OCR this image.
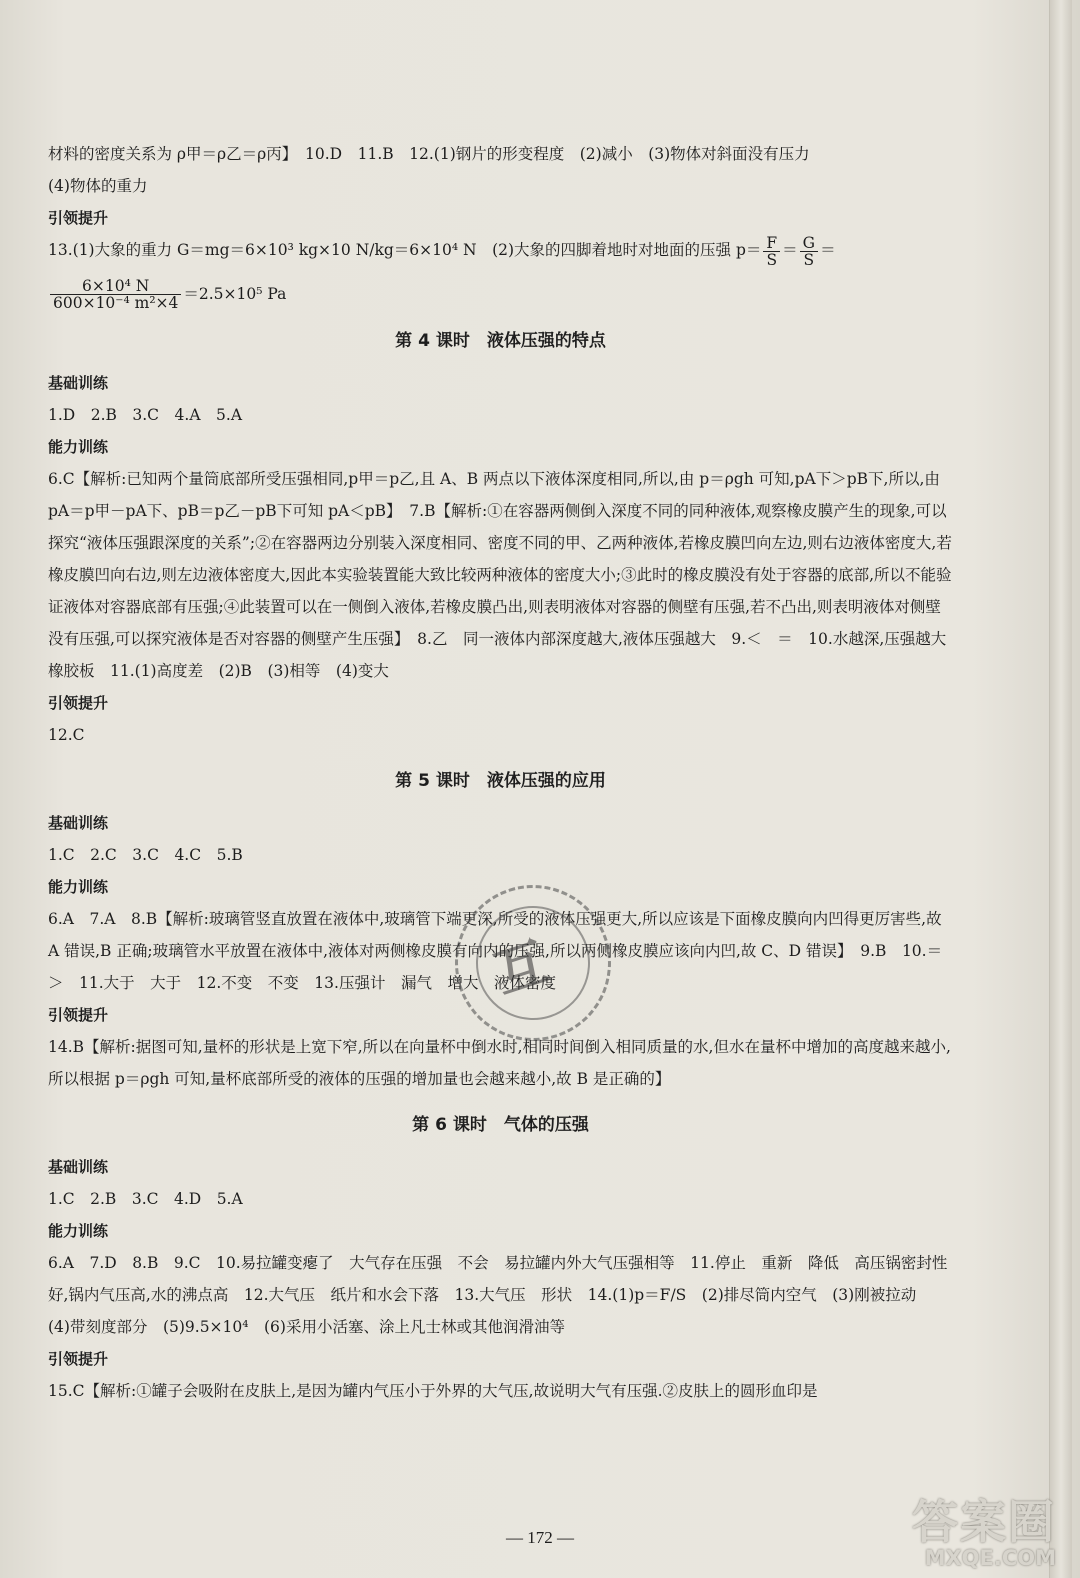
材料的密度关系为 ρ甲＝ρ乙＝ρ丙】　10.D　11.B　12.(1)钢片的形变程度　(2)减小　(3)物体对斜面没有压力
(4)物体的重力
引领提升
13.(1)大象的重力 G＝mg＝6×10³ kg×10 N/kg＝6×10⁴ N　(2)大象的四脚着地时对地面的压强 $p= \frac{F}{S} = \frac{G}{S}$ ＝
$\frac{\text{6×10⁴ N}}{\text{600×10⁻⁴ m²×4}} =2.5\times 10^5$ Pa
第 4 课时　液体压强的特点
基础训练
1.D　2.B　3.C　4.A　5.A
能力训练
6.C【解析:已知两个量筒底部所受压强相同,p甲＝p乙,且 A、B 两点以下液体深度相同,所以,由 p＝ρgh 可知,pA下＞pB下,所以,由 pA＝p甲－pA下、pB＝p乙－pB下可知 pA＜pB】　7.B【解析:①在容器两侧倒入深度不同的同种液体,观察橡皮膜产生的现象,可以探究“液体压强跟深度的关系”;②在容器两边分别装入深度相同、密度不同的甲、乙两种液体,若橡皮膜凹向左边,则右边液体密度大,若橡皮膜凹向右边,则左边液体密度大,因此本实验装置能大致比较两种液体的密度大小;③此时的橡皮膜没有处于容器的底部,所以不能验证液体对容器底部有压强;④此装置可以在一侧倒入液体,若橡皮膜凸出,则表明液体对容器的侧壁有压强,若不凸出,则表明液体对侧壁没有压强,可以探究液体是否对容器的侧壁产生压强】　8.乙　同一液体内部深度越大,液体压强越大　9.＜　＝　10.水越深,压强越大　橡胶板　11.(1)高度差　(2)B　(3)相等　(4)变大
引领提升
12.C
第 5 课时　液体压强的应用
基础训练
1.C　2.C　3.C　4.C　5.B
能力训练
6.A　7.A　8.B【解析:玻璃管竖直放置在液体中,玻璃管下端更深,所受的液体压强更大,所以应该是下面橡皮膜向内凹得更厉害些,故 A 错误,B 正确;玻璃管水平放置在液体中,液体对两侧橡皮膜有向内的压强,所以两侧橡皮膜应该向内凹,故 C、D 错误】　9.B　10.＝　＞　11.大于　大于　12.不变　不变　13.压强计　漏气　增大　液体密度
引领提升
14.B【解析:据图可知,量杯的形状是上宽下窄,所以在向量杯中倒水时,相同时间倒入相同质量的水,但水在量杯中增加的高度越来越小,所以根据 p＝ρgh 可知,量杯底部所受的液体的压强的增加量也会越来越小,故 B 是正确的】
第 6 课时　气体的压强
基础训练
1.C　2.B　3.C　4.D　5.A
能力训练
6.A　7.D　8.B　9.C　10.易拉罐变瘪了　大气存在压强　不会　易拉罐内外大气压强相等　11.停止　重新　降低　高压锅密封性好,锅内气压高,水的沸点高　12.大气压　纸片和水会下落　13.大气压　形状　14.(1)p＝F/S　(2)排尽筒内空气　(3)刚被拉动　(4)带刻度部分　(5)9.5×10⁴　(6)采用小活塞、涂上凡士林或其他润滑油等
引领提升
15.C【解析:①罐子会吸附在皮肤上,是因为罐内气压小于外界的大气压,故说明大气有压强.②皮肤上的圆形血印是
互
— 172 —	答案圈
MXQE.COM
